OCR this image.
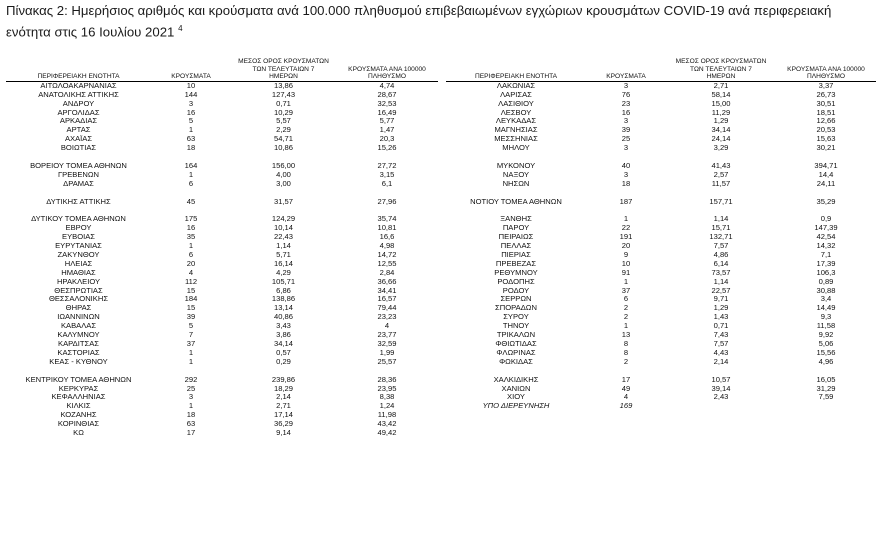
Πίνακας 2: Ημερήσιος αριθμός και κρούσματα ανά 100.000 πληθυσμού επιβεβαιωμένων εγχώριων κρουσμάτων COVID-19 ανά περιφερειακή ενότητα στις 16 Ιουλίου 2021 $^4$
		ΜΕΣΟΣ ΟΡΟΣ ΚΡΟΥΣΜΑΤΩΝ	
		ΤΩΝ ΤΕΛΕΥΤΑΙΩΝ 7	ΚΡΟΥΣΜΑΤΑ ΑΝΑ 100000
ΠΕΡΙΦΕΡΕΙΑΚΗ ΕΝΟΤΗΤΑ	ΚΡΟΥΣΜΑΤΑ	ΗΜΕΡΩΝ	ΠΛΗΘΥΣΜΟ
ΑΙΤΩΛΟΑΚΑΡΝΑΝΙΑΣ	10	13,86	4,74
ΑΝΑΤΟΛΙΚΗΣ ΑΤΤΙΚΗΣ	144	127,43	28,67
ΑΝΔΡΟΥ	3	0,71	32,53
ΑΡΓΟΛΙΔΑΣ	16	10,29	16,49
ΑΡΚΑΔΙΑΣ	5	5,57	5,77
ΑΡΤΑΣ	1	2,29	1,47
ΑΧΑΪΑΣ	63	54,71	20,3
ΒΟΙΩΤΙΑΣ	18	10,86	15,26

ΒΟΡΕΙΟΥ ΤΟΜΕΑ ΑΘΗΝΩΝ	164	156,00	27,72
ΓΡΕΒΕΝΩΝ	1	4,00	3,15
ΔΡΑΜΑΣ	6	3,00	6,1

ΔΥΤΙΚΗΣ ΑΤΤΙΚΗΣ	45	31,57	27,96

ΔΥΤΙΚΟΥ ΤΟΜΕΑ ΑΘΗΝΩΝ	175	124,29	35,74
ΕΒΡΟΥ	16	10,14	10,81
ΕΥΒΟΙΑΣ	35	22,43	16,6
ΕΥΡΥΤΑΝΙΑΣ	1	1,14	4,98
ΖΑΚΥΝΘΟΥ	6	5,71	14,72
ΗΛΕΙΑΣ	20	16,14	12,55
ΗΜΑΘΙΑΣ	4	4,29	2,84
ΗΡΑΚΛΕΙΟΥ	112	105,71	36,66
ΘΕΣΠΡΩΤΙΑΣ	15	6,86	34,41
ΘΕΣΣΑΛΟΝΙΚΗΣ	184	138,86	16,57
ΘΗΡΑΣ	15	13,14	79,44
ΙΩΑΝΝΙΝΩΝ	39	40,86	23,23
ΚΑΒΑΛΑΣ	5	3,43	4
ΚΑΛΥΜΝΟΥ	7	3,86	23,77
ΚΑΡΔΙΤΣΑΣ	37	34,14	32,59
ΚΑΣΤΟΡΙΑΣ	1	0,57	1,99
ΚΕΑΣ - ΚΥΘΝΟΥ	1	0,29	25,57

ΚΕΝΤΡΙΚΟΥ ΤΟΜΕΑ ΑΘΗΝΩΝ	292	239,86	28,36
ΚΕΡΚΥΡΑΣ	25	18,29	23,95
ΚΕΦΑΛΛΗΝΙΑΣ	3	2,14	8,38
ΚΙΛΚΙΣ	1	2,71	1,24
ΚΟΖΑΝΗΣ	18	17,14	11,98
ΚΟΡΙΝΘΙΑΣ	63	36,29	43,42
ΚΩ	17	9,14	49,42
		ΜΕΣΟΣ ΟΡΟΣ ΚΡΟΥΣΜΑΤΩΝ	
		ΤΩΝ ΤΕΛΕΥΤΑΙΩΝ 7	ΚΡΟΥΣΜΑΤΑ ΑΝΑ 100000
ΠΕΡΙΦΕΡΕΙΑΚΗ ΕΝΟΤΗΤΑ	ΚΡΟΥΣΜΑΤΑ	ΗΜΕΡΩΝ	ΠΛΗΘΥΣΜΟ
ΛΑΚΩΝΙΑΣ	3	2,71	3,37
ΛΑΡΙΣΑΣ	76	58,14	26,73
ΛΑΣΙΘΙΟΥ	23	15,00	30,51
ΛΕΣΒΟΥ	16	11,29	18,51
ΛΕΥΚΑΔΑΣ	3	1,29	12,66
ΜΑΓΝΗΣΙΑΣ	39	34,14	20,53
ΜΕΣΣΗΝΙΑΣ	25	24,14	15,63
ΜΗΛΟΥ	3	3,29	30,21

ΜΥΚΟΝΟΥ	40	41,43	394,71
ΝΑΞΟΥ	3	2,57	14,4
ΝΗΣΩΝ	18	11,57	24,11

ΝΟΤΙΟΥ ΤΟΜΕΑ ΑΘΗΝΩΝ	187	157,71	35,29

ΞΑΝΘΗΣ	1	1,14	0,9
ΠΑΡΟΥ	22	15,71	147,39
ΠΕΙΡΑΙΩΣ	191	132,71	42,54
ΠΕΛΛΑΣ	20	7,57	14,32
ΠΙΕΡΙΑΣ	9	4,86	7,1
ΠΡΕΒΕΖΑΣ	10	6,14	17,39
ΡΕΘΥΜΝΟΥ	91	73,57	106,3
ΡΟΔΟΠΗΣ	1	1,14	0,89
ΡΟΔΟΥ	37	22,57	30,88
ΣΕΡΡΩΝ	6	9,71	3,4
ΣΠΟΡΑΔΩΝ	2	1,29	14,49
ΣΥΡΟΥ	2	1,43	9,3
ΤΗΝΟΥ	1	0,71	11,58
ΤΡΙΚΑΛΩΝ	13	7,43	9,92
ΦΘΙΩΤΙΔΑΣ	8	7,57	5,06
ΦΛΩΡΙΝΑΣ	8	4,43	15,56
ΦΩΚΙΔΑΣ	2	2,14	4,96

ΧΑΛΚΙΔΙΚΗΣ	17	10,57	16,05
ΧΑΝΙΩΝ	49	39,14	31,29
ΧΙΟΥ	4	2,43	7,59
ΥΠΟ ΔΙΕΡΕΥΝΗΣΗ	169		
